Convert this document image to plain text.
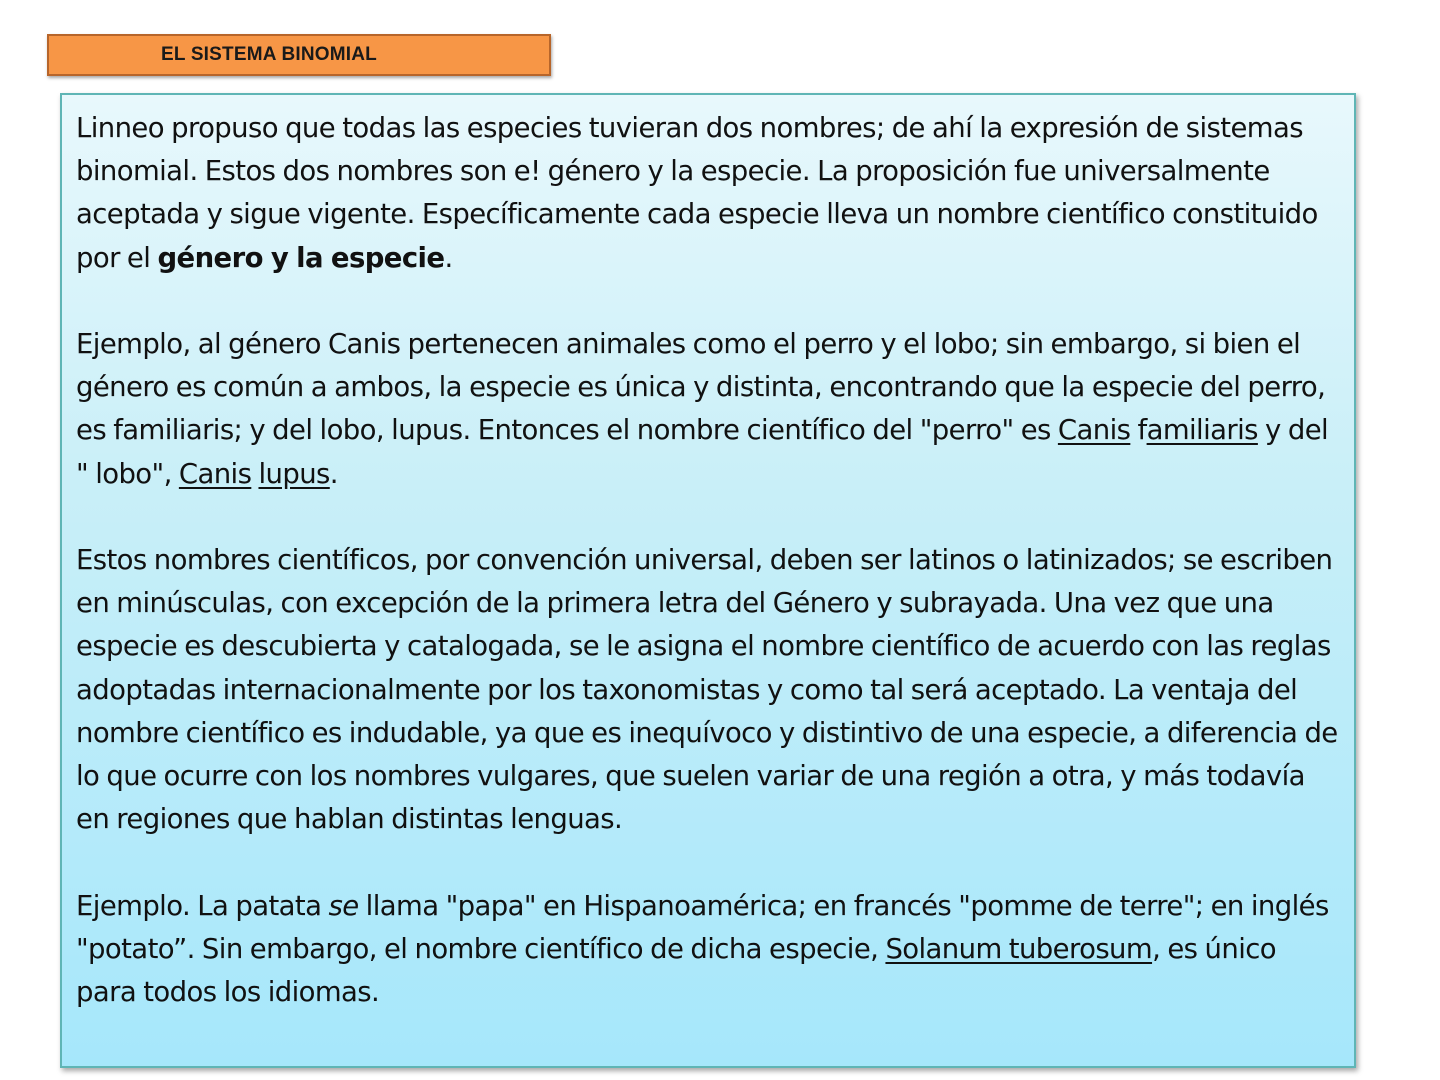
EL SISTEMA BINOMIAL

Linneo propuso que todas las especies tuvieran dos nombres; de ahí la expresión de sistemas binomial. Estos dos nombres son e! género y la especie. La proposición fue universalmente aceptada y sigue vigente. Específicamente cada especie lleva un nombre científico constituido por el género y la especie.

Ejemplo, al género Canis pertenecen animales como el perro y el lobo; sin embargo, si bien el género es común a ambos, la especie es única y distinta, encontrando que la especie del perro, es familiaris; y del lobo, lupus. Entonces el nombre científico del "perro" es Canis familiaris y del " lobo", Canis lupus.

Estos nombres científicos, por convención universal, deben ser latinos o latinizados; se escriben en minúsculas, con excepción de la primera letra del Género y subrayada. Una vez que una especie es descubierta y catalogada, se le asigna el nombre científico de acuerdo con las reglas adoptadas internacionalmente por los taxonomistas y como tal será aceptado. La ventaja del nombre científico es indudable, ya que es inequívoco y distintivo de una especie, a diferencia de lo que ocurre con los nombres vulgares, que suelen variar de una región a otra, y más todavía en regiones que hablan distintas lenguas.

Ejemplo. La patata se llama "papa" en Hispanoamérica; en francés "pomme de terre"; en inglés "potato”. Sin embargo, el nombre científico de dicha especie, Solanum tuberosum, es único para todos los idiomas.
